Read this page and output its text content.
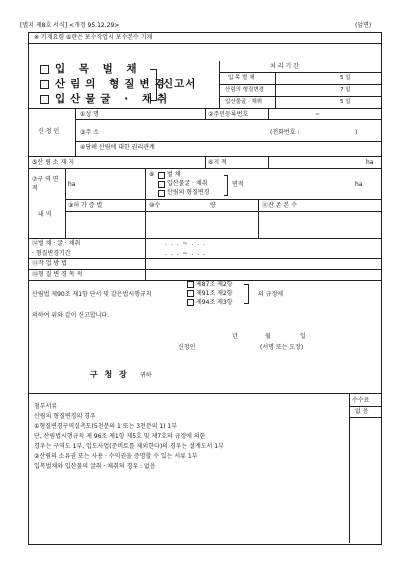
[별지 제8호 서식] <개정 95.12.29>	(앞면)
※ 기재요령 ⑥란은 포수작업시 포수본수 기재
입 목 벌 채
산림의 형질변경
입산물굴 · 채취
신고서
처 리 기 간
입 목 벌 채	5 일
산림의 형질변경	7 일
입산물굴 · 채취	5 일
신 청 인
①성 명	②주민등록번호	~
③주 소	(전화번호 :	)
④당해 산림에 대한 권리관계
⑤산 림 소 재 지	⑥지 적	ha
내 역
⑦구 역 면 적
ha
⑧ 벌 채
입산물굴 · 채취
산림의 형질변경
면적	ha
⑨허 가 증 별	⑩수	량	⑪잔 존 본 수
⑫벌 채 · 굴 · 채취
· 형질변경기간
. . . ~ . . .
. . . ~ . . .
⑬작 업 방 법
⑭형 질 변 경 목 적
산림법 제90조 제1항 단서 및 같은법시행규칙
제87조 제2항
제91조 제2항
제94조 제3항
의 규정에
의하여 위와 같이 신고합니다.
년	월	일
신청인	(서명 또는 도장)
구 청 장 귀하
첨부서류
산림의 형질변경의 경우
①형질변경구역실측도(5천분의 1 또는 3천분의 1) 1부
단, 산림법시행규칙 제 96조 제1항 제5호 및 제7호의 규정에 의한
경우는 구역도 1부, 입도사업(준비토를 제외한다)의 경우는 설계도서 1부
②산림의 소유권 또는 사용 · 수익권을 증명할 수 있는 서류 1부
입목벌채와 입산물의 굴취 · 채취의 경우 : 없음
수수료
없 음
